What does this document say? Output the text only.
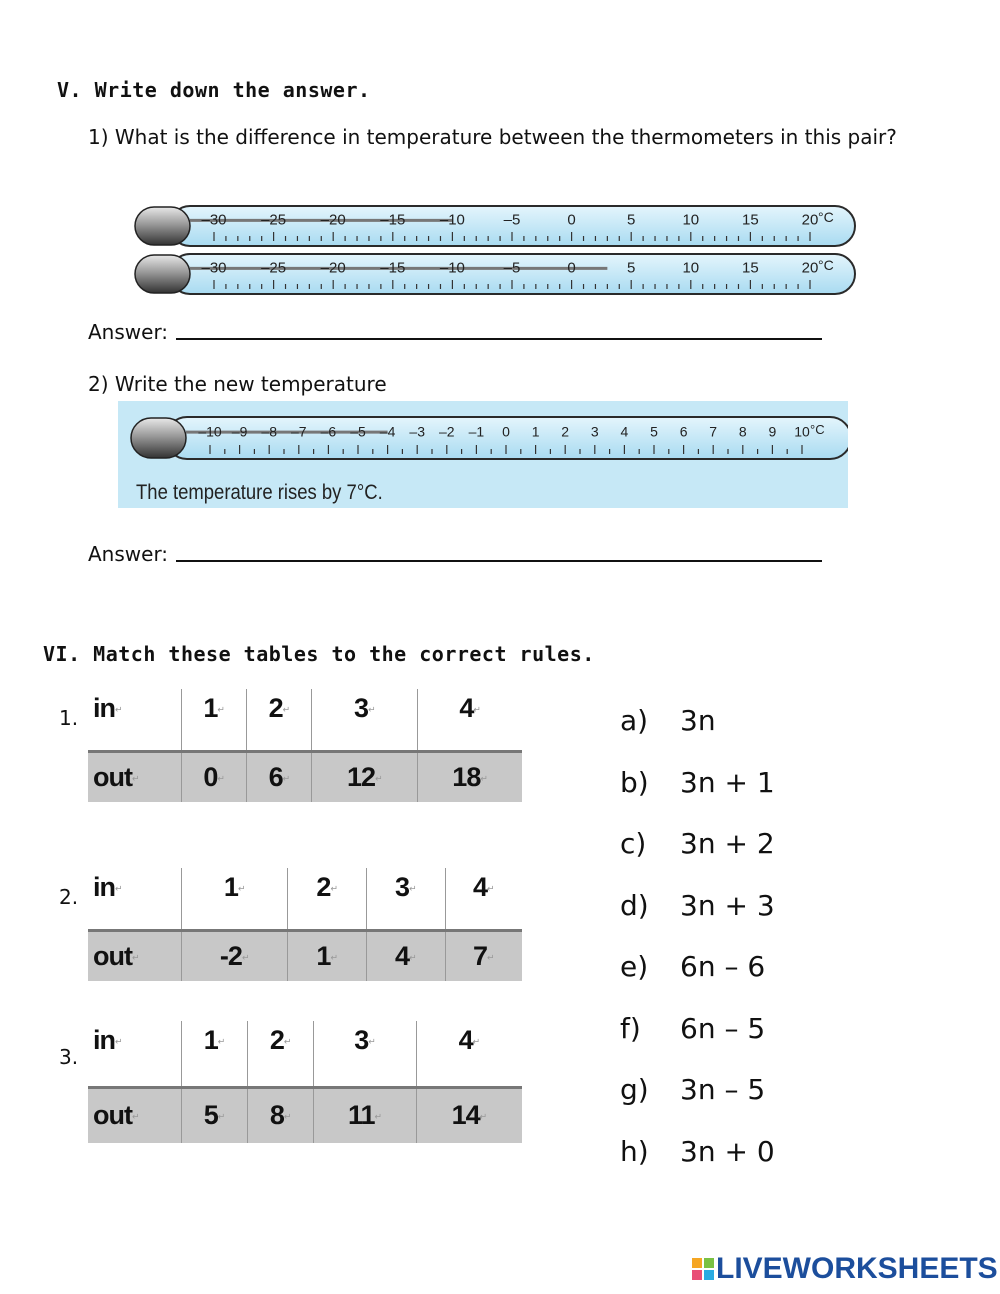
V. Write down the answer.
1) What is the difference in temperature between the thermometers in this pair?
–30 –25 –20 –15 –10	–5	0	5	10	15	20 °C
–30 –25 –20 –15 –10	–5	0	5	10	15	20 °C
Answer:
2) Write the new temperature
–10 –9 –8 –7 –6 –5 –4 –3 –2 –1 0 1 2 3 4 5 6 7 8 9 10 °C
The temperature rises by 7°C.
Answer:
VI. Match these tables to the correct rules.
1. in↵	1↵	2↵	3↵	4↵
out↵	0↵	6↵	12↵	18↵
2. in↵	1↵	2↵	3↵	4↵
out↵	-2↵	1↵	4↵	7↵
3.
in↵	1↵	2↵	3↵	4↵
out↵	5↵	8↵	11↵	14↵
a)	3n
b)	3n + 1
c)	3n + 2
d)	3n + 3
e)	6n – 6
f)	6n – 5
g)	3n – 5
h)	3n + 0
LIVEWORKSHEETS
